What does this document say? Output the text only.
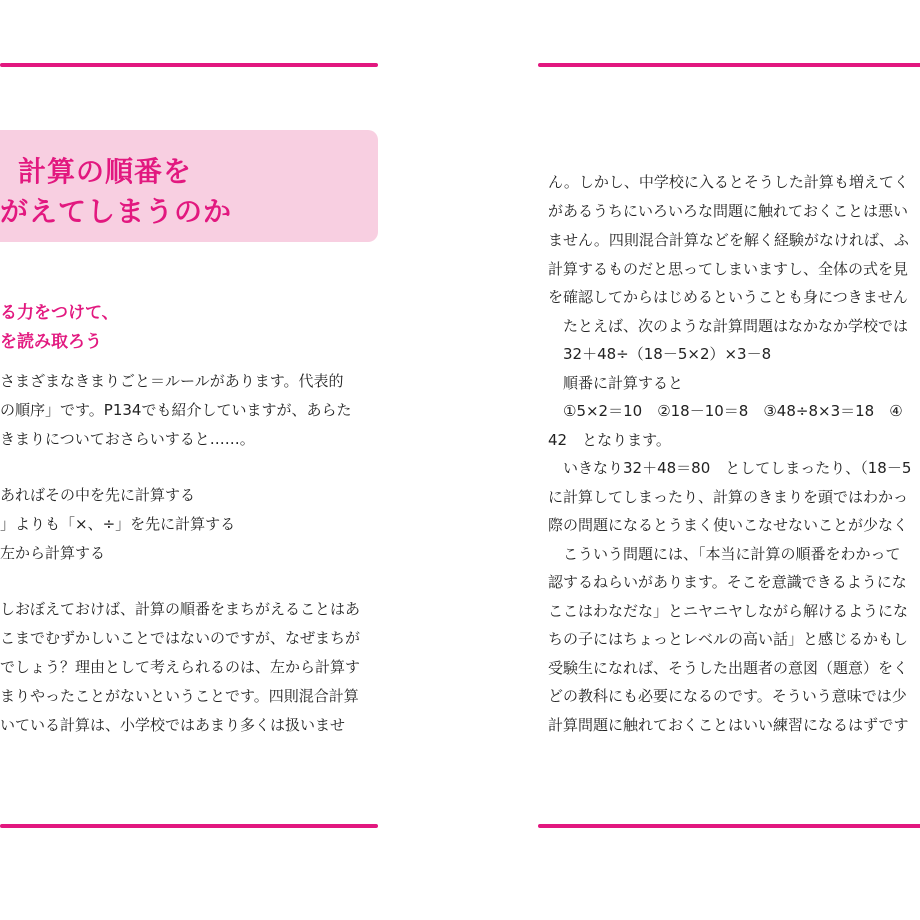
計算の順番を
がえてしまうのか
る力をつけて、
を読み取ろう
さまざまなきまりごと＝ルールがあります。代表的
の順序」です。P134でも紹介していますが、あらた
きまりについておさらいすると……。
あればその中を先に計算する
」よりも「×、÷」を先に計算する
左から計算する
しおぼえておけば、計算の順番をまちがえることはあ
こまでむずかしいことではないのですが、なぜまちが
でしょう？理由として考えられるのは、左から計算す
まりやったことがないということです。四則混合計算
いている計算は、小学校ではあまり多くは扱いませ
ん。しかし、中学校に入るとそうした計算も増えてく
があるうちにいろいろな問題に触れておくことは悪い
ません。四則混合計算などを解く経験がなければ、ふ
計算するものだと思ってしまいますし、全体の式を見
を確認してからはじめるということも身につきません
　たとえば、次のような計算問題はなかなか学校では
　32＋48÷（18－5×2）×3－8
　順番に計算すると
　①5×2＝10　②18－10＝8　③48÷8×3＝18　④
42　となります。
　いきなり32＋48＝80　としてしまったり、（18－5
に計算してしまったり、計算のきまりを頭ではわかっ
際の問題になるとうまく使いこなせないことが少なく
　こういう問題には、「本当に計算の順番をわかって
認するねらいがあります。そこを意識できるようにな
ここはわなだな」とニヤニヤしながら解けるようにな
ちの子にはちょっとレベルの高い話」と感じるかもし
受験生になれば、そうした出題者の意図（題意）をく
どの教科にも必要になるのです。そういう意味では少
計算問題に触れておくことはいい練習になるはずです
